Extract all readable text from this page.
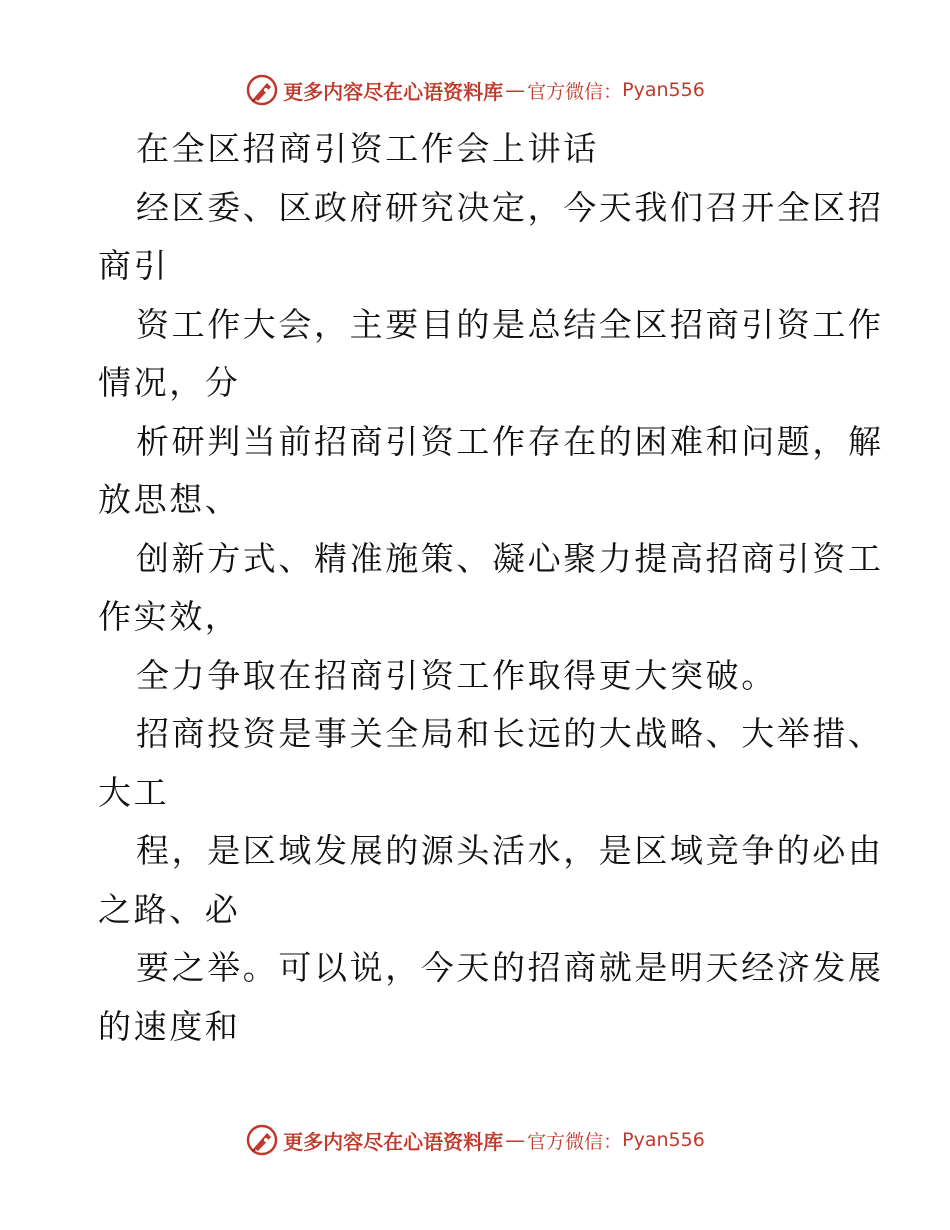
更多内容尽在心语资料库 — 官方微信： Pyan556
在全区招商引资工作会上讲话
经区委、区政府研究决定，今天我们召开全区招
商引
资工作大会，主要目的是总结全区招商引资工作
情况，分
析研判当前招商引资工作存在的困难和问题，解
放思想、
创新方式、精准施策、凝心聚力提高招商引资工
作实效，
全力争取在招商引资工作取得更大突破。
招商投资是事关全局和长远的大战略、大举措、
大工
程，是区域发展的源头活水，是区域竞争的必由
之路、必
要之举。可以说，今天的招商就是明天经济发展
的速度和
更多内容尽在心语资料库 — 官方微信： Pyan556
